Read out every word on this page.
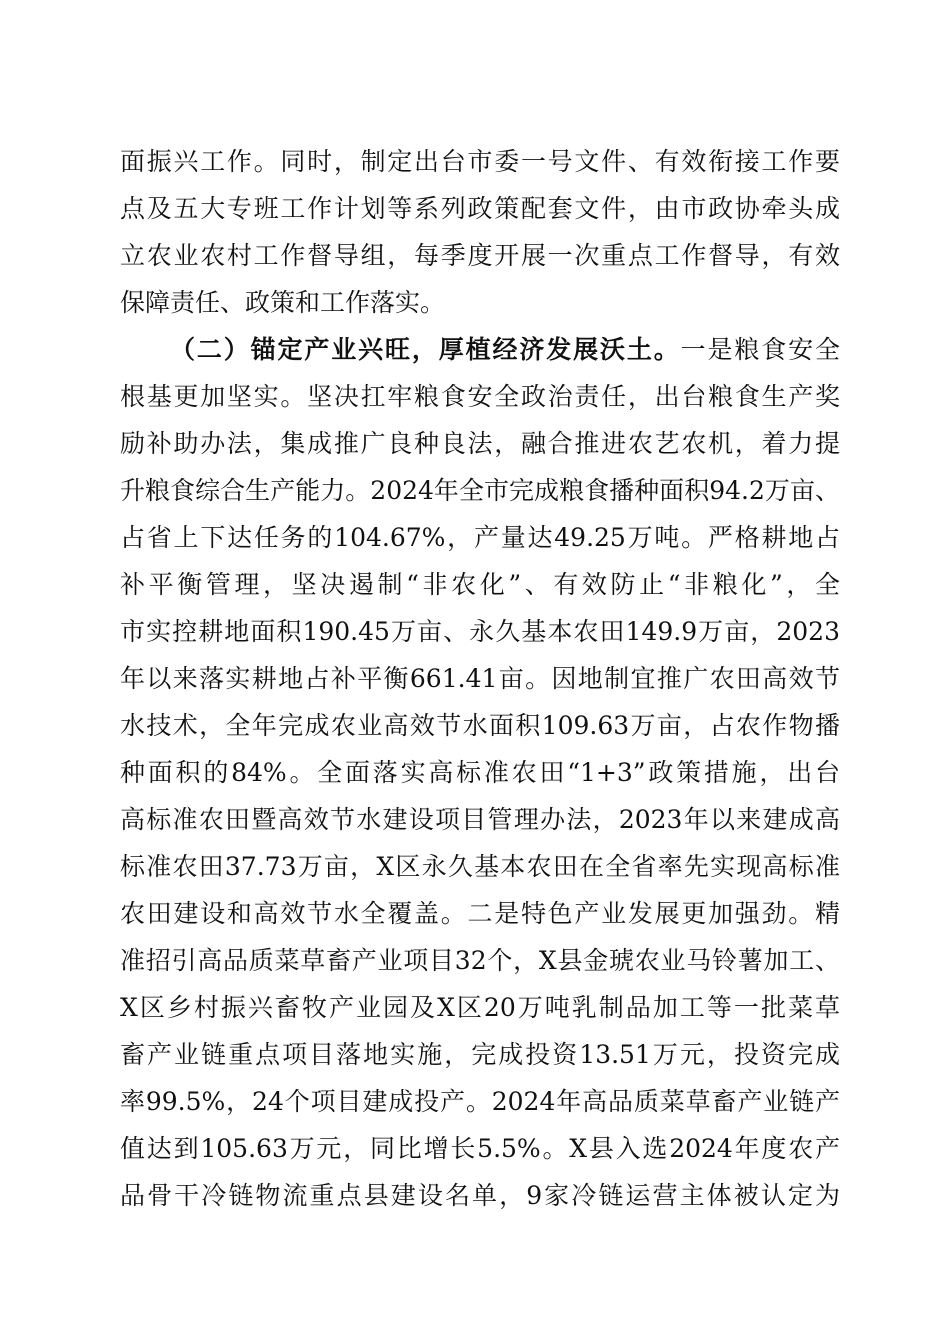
面振兴工作。同时，制定出台市委一号文件、有效衔接工作要
点及五大专班工作计划等系列政策配套文件，由市政协牵头成
立农业农村工作督导组，每季度开展一次重点工作督导，有效
保障责任、政策和工作落实。
（二）锚定产业兴旺，厚植经济发展沃土。一是粮食安全
根基更加坚实。坚决扛牢粮食安全政治责任，出台粮食生产奖
励补助办法，集成推广良种良法，融合推进农艺农机，着力提
升粮食综合生产能力。2024年全市完成粮食播种面积94.2万亩、
占省上下达任务的104.67%，产量达49.25万吨。严格耕地占
补平衡管理，坚决遏制“非农化”、有效防止“非粮化”，全
市实控耕地面积190.45万亩、永久基本农田149.9万亩，2023
年以来落实耕地占补平衡661.41亩。因地制宜推广农田高效节
水技术，全年完成农业高效节水面积109.63万亩，占农作物播
种面积的84%。全面落实高标准农田“1+3”政策措施，出台
高标准农田暨高效节水建设项目管理办法，2023年以来建成高
标准农田37.73万亩，X区永久基本农田在全省率先实现高标准
农田建设和高效节水全覆盖。二是特色产业发展更加强劲。精
准招引高品质菜草畜产业项目32个，X县金琥农业马铃薯加工、
X区乡村振兴畜牧产业园及X区20万吨乳制品加工等一批菜草
畜产业链重点项目落地实施，完成投资13.51万元，投资完成
率99.5%，24个项目建成投产。2024年高品质菜草畜产业链产
值达到105.63万元，同比增长5.5%。X县入选2024年度农产
品骨干冷链物流重点县建设名单，9家冷链运营主体被认定为
